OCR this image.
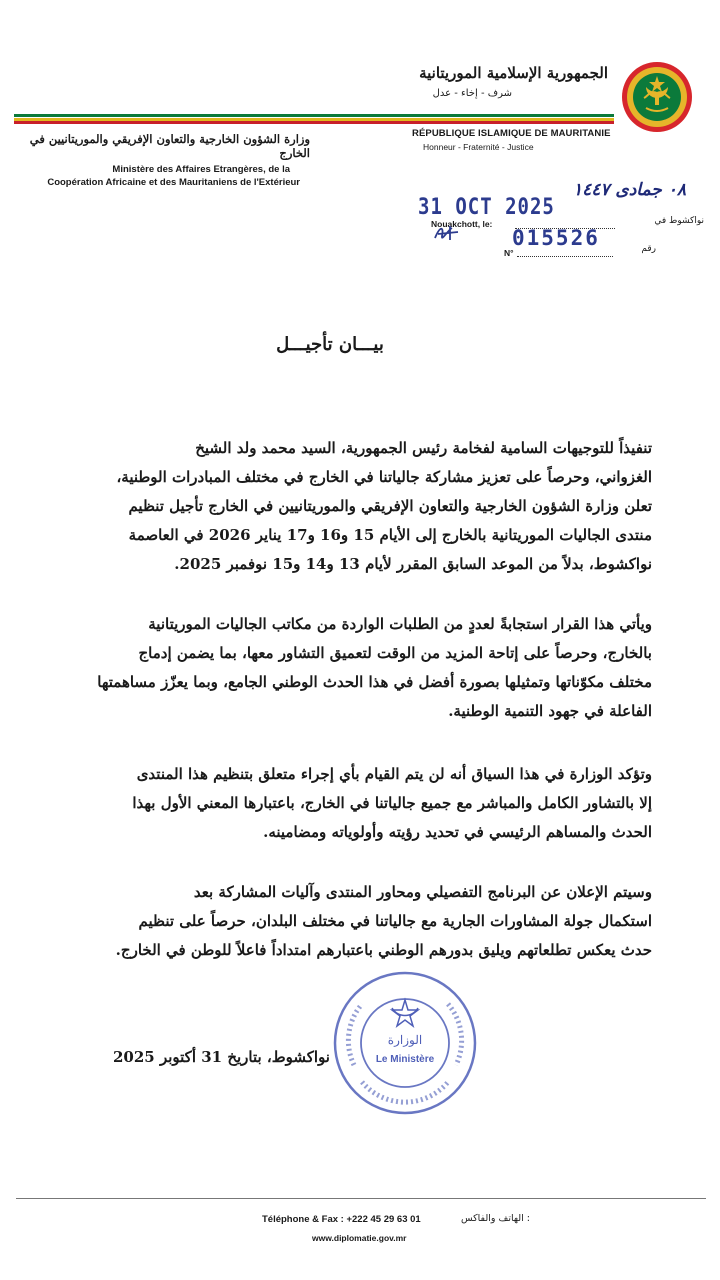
الجمهورية الإسلامية الموريتانية
شرف - إخاء - عدل
RÉPUBLIQUE ISLAMIQUE DE MAURITANIE
Honneur - Fraternité - Justice
وزارة الشؤون الخارجية والتعاون الإفريقي والموريتانيين في الخارج
Ministère des Affaires Etrangères, de la
Coopération Africaine et des Mauritaniens de l'Extérieur	٠٨ جمادى ١٤٤٧
31 OCT 2025
نواكشوط في
Nouakchott, le:
015526	رقم
N°
بيـــان تأجيـــل
تنفيذاً للتوجيهات السامية لفخامة رئيس الجمهورية، السيد محمد ولد الشيخ
الغزواني، وحرصاً على تعزيز مشاركة جالياتنا في الخارج في مختلف المبادرات الوطنية،
تعلن وزارة الشؤون الخارجية والتعاون الإفريقي والموريتانيين في الخارج تأجيل تنظيم
منتدى الجاليات الموريتانية بالخارج إلى الأيام 15 و16 و17 يناير 2026 في العاصمة
نواكشوط، بدلاً من الموعد السابق المقرر لأيام 13 و14 و15 نوفمبر 2025.
ويأتي هذا القرار استجابةً لعددٍ من الطلبات الواردة من مكاتب الجاليات الموريتانية
بالخارج، وحرصاً على إتاحة المزيد من الوقت لتعميق التشاور معها، بما يضمن إدماج
مختلف مكوّناتها وتمثيلها بصورة أفضل في هذا الحدث الوطني الجامع، وبما يعزّز مساهمتها
الفاعلة في جهود التنمية الوطنية.
وتؤكد الوزارة في هذا السياق أنه لن يتم القيام بأي إجراء متعلق بتنظيم هذا المنتدى
إلا بالتشاور الكامل والمباشر مع جميع جالياتنا في الخارج، باعتبارها المعني الأول بهذا
الحدث والمساهم الرئيسي في تحديد رؤيته وأولوياته ومضامينه.
وسيتم الإعلان عن البرنامج التفصيلي ومحاور المنتدى وآليات المشاركة بعد
استكمال جولة المشاورات الجارية مع جالياتنا في مختلف البلدان، حرصاً على تنظيم
حدث يعكس تطلعاتهم ويليق بدورهم الوطني باعتبارهم امتداداً فاعلاً للوطن في الخارج.
الوزارة
Le Ministère
نواكشوط، بتاريخ 31 أكتوبر 2025
Téléphone & Fax : +222 45 29 63 01	: الهاتف والفاكس
www.diplomatie.gov.mr
